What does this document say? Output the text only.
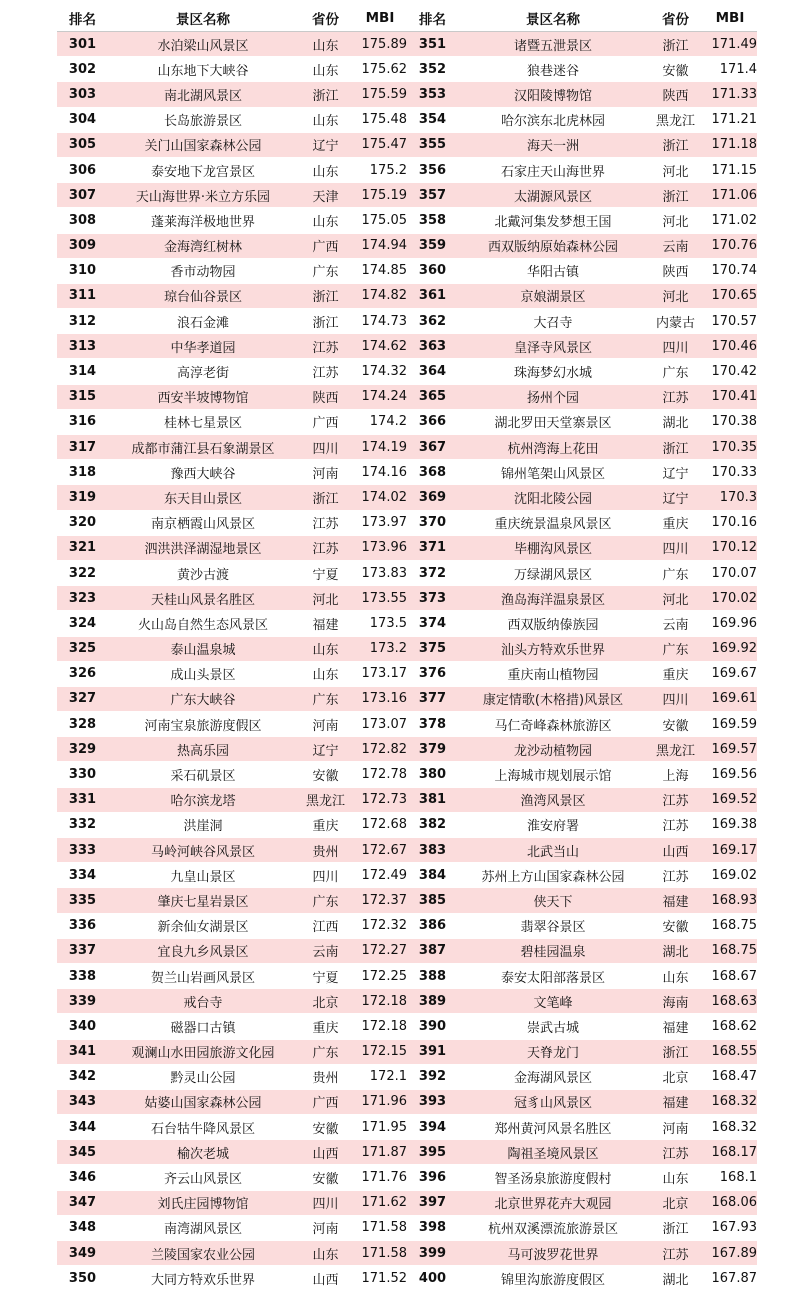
排名	景区名称	省份	MBI	排名	景区名称	省份	MBI
301	水泊梁山风景区	山东	175.89	351	诸暨五泄景区	浙江	171.49
302	山东地下大峡谷	山东	175.62	352	狼巷迷谷	安徽	171.4
303	南北湖风景区	浙江	175.59	353	汉阳陵博物馆	陕西	171.33
304	长岛旅游景区	山东	175.48	354	哈尔滨东北虎林园	黑龙江	171.21
305	关门山国家森林公园	辽宁	175.47	355	海天一洲	浙江	171.18
306	泰安地下龙宫景区	山东	175.2	356	石家庄天山海世界	河北	171.15
307	天山海世界·米立方乐园	天津	175.19	357	太湖源风景区	浙江	171.06
308	蓬莱海洋极地世界	山东	175.05	358	北戴河集发梦想王国	河北	171.02
309	金海湾红树林	广西	174.94	359	西双版纳原始森林公园	云南	170.76
310	香市动物园	广东	174.85	360	华阳古镇	陕西	170.74
311	琼台仙谷景区	浙江	174.82	361	京娘湖景区	河北	170.65
312	浪石金滩	浙江	174.73	362	大召寺	内蒙古	170.57
313	中华孝道园	江苏	174.62	363	皇泽寺风景区	四川	170.46
314	高淳老街	江苏	174.32	364	珠海梦幻水城	广东	170.42
315	西安半坡博物馆	陕西	174.24	365	扬州个园	江苏	170.41
316	桂林七星景区	广西	174.2	366	湖北罗田天堂寨景区	湖北	170.38
317	成都市蒲江县石象湖景区	四川	174.19	367	杭州湾海上花田	浙江	170.35
318	豫西大峡谷	河南	174.16	368	锦州笔架山风景区	辽宁	170.33
319	东天目山景区	浙江	174.02	369	沈阳北陵公园	辽宁	170.3
320	南京栖霞山风景区	江苏	173.97	370	重庆统景温泉风景区	重庆	170.16
321	泗洪洪泽湖湿地景区	江苏	173.96	371	毕棚沟风景区	四川	170.12
322	黄沙古渡	宁夏	173.83	372	万绿湖风景区	广东	170.07
323	天桂山风景名胜区	河北	173.55	373	渔岛海洋温泉景区	河北	170.02
324	火山岛自然生态风景区	福建	173.5	374	西双版纳傣族园	云南	169.96
325	泰山温泉城	山东	173.2	375	汕头方特欢乐世界	广东	169.92
326	成山头景区	山东	173.17	376	重庆南山植物园	重庆	169.67
327	广东大峡谷	广东	173.16	377	康定情歌(木格措)风景区	四川	169.61
328	河南宝泉旅游度假区	河南	173.07	378	马仁奇峰森林旅游区	安徽	169.59
329	热高乐园	辽宁	172.82	379	龙沙动植物园	黑龙江	169.57
330	采石矶景区	安徽	172.78	380	上海城市规划展示馆	上海	169.56
331	哈尔滨龙塔	黑龙江	172.73	381	渔湾风景区	江苏	169.52
332	洪崖洞	重庆	172.68	382	淮安府署	江苏	169.38
333	马岭河峡谷风景区	贵州	172.67	383	北武当山	山西	169.17
334	九皇山景区	四川	172.49	384	苏州上方山国家森林公园	江苏	169.02
335	肇庆七星岩景区	广东	172.37	385	侠天下	福建	168.93
336	新余仙女湖景区	江西	172.32	386	翡翠谷景区	安徽	168.75
337	宜良九乡风景区	云南	172.27	387	碧桂园温泉	湖北	168.75
338	贺兰山岩画风景区	宁夏	172.25	388	泰安太阳部落景区	山东	168.67
339	戒台寺	北京	172.18	389	文笔峰	海南	168.63
340	磁器口古镇	重庆	172.18	390	崇武古城	福建	168.62
341	观澜山水田园旅游文化园	广东	172.15	391	天脊龙门	浙江	168.55
342	黔灵山公园	贵州	172.1	392	金海湖风景区	北京	168.47
343	姑婆山国家森林公园	广西	171.96	393	冠豸山风景区	福建	168.32
344	石台牯牛降风景区	安徽	171.95	394	郑州黄河风景名胜区	河南	168.32
345	榆次老城	山西	171.87	395	陶祖圣境风景区	江苏	168.17
346	齐云山风景区	安徽	171.76	396	智圣汤泉旅游度假村	山东	168.1
347	刘氏庄园博物馆	四川	171.62	397	北京世界花卉大观园	北京	168.06
348	南湾湖风景区	河南	171.58	398	杭州双溪漂流旅游景区	浙江	167.93
349	兰陵国家农业公园	山东	171.58	399	马可波罗花世界	江苏	167.89
350	大同方特欢乐世界	山西	171.52	400	锦里沟旅游度假区	湖北	167.87
